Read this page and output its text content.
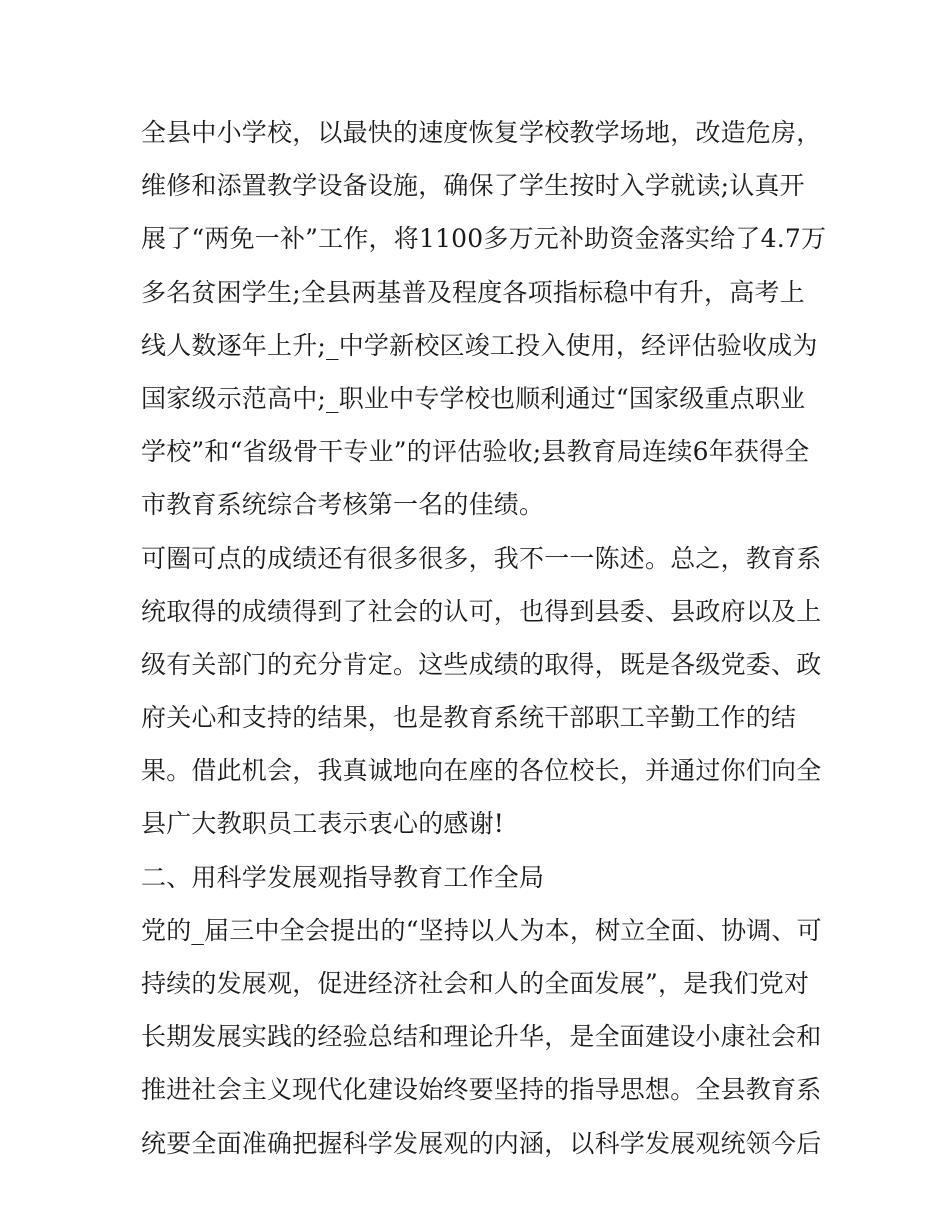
全县中小学校，以最快的速度恢复学校教学场地，改造危房，
维修和添置教学设备设施，确保了学生按时入学就读;认真开
展了“两免一补”工作，将1100多万元补助资金落实给了4.7万
多名贫困学生;全县两基普及程度各项指标稳中有升，高考上
线人数逐年上升;_中学新校区竣工投入使用，经评估验收成为
国家级示范高中;_职业中专学校也顺利通过“国家级重点职业
学校”和“省级骨干专业”的评估验收;县教育局连续6年获得全
市教育系统综合考核第一名的佳绩。
可圈可点的成绩还有很多很多，我不一一陈述。总之，教育系
统取得的成绩得到了社会的认可，也得到县委、县政府以及上
级有关部门的充分肯定。这些成绩的取得，既是各级党委、政
府关心和支持的结果，也是教育系统干部职工辛勤工作的结
果。借此机会，我真诚地向在座的各位校长，并通过你们向全
县广大教职员工表示衷心的感谢!
二、用科学发展观指导教育工作全局
党的_届三中全会提出的“坚持以人为本，树立全面、协调、可
持续的发展观，促进经济社会和人的全面发展”，是我们党对
长期发展实践的经验总结和理论升华，是全面建设小康社会和
推进社会主义现代化建设始终要坚持的指导思想。全县教育系
统要全面准确把握科学发展观的内涵，以科学发展观统领今后
